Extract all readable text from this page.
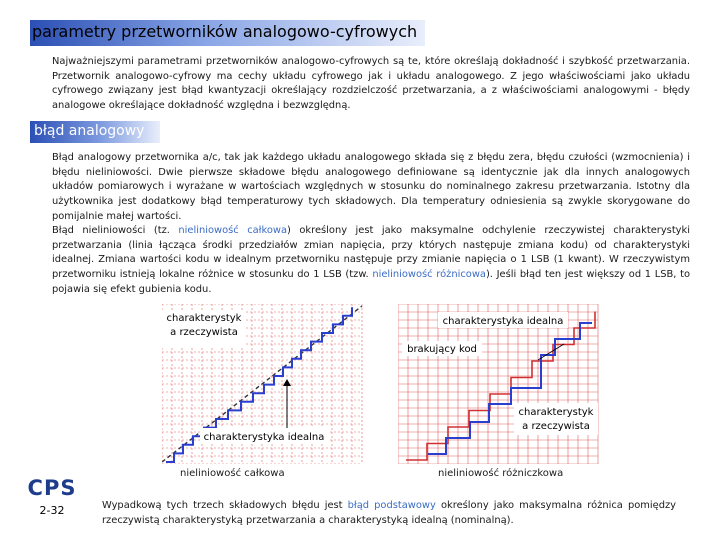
parametry przetworników analogowo-cyfrowych

Najważniejszymi parametrami przetworników analogowo-cyfrowych są te, które określają dokładność i szybkość przetwarzania. Przetwornik analogowo-cyfrowy ma cechy układu cyfrowego jak i układu analogowego. Z jego właściwościami jako układu cyfrowego związany jest błąd kwantyzacji określający rozdzielczość przetwarzania, a z właściwościami analogowymi - błędy analogowe określające dokładność względna i bezwzględną.

błąd analogowy

Błąd analogowy przetwornika a/c, tak jak każdego układu analogowego składa się z błędu zera, błędu czułości (wzmocnienia) i błędu nieliniowości. Dwie pierwsze składowe błędu analogowego definiowane są identycznie jak dla innych analogowych układów pomiarowych i wyrażane w wartościach względnych w stosunku do nominalnego zakresu przetwarzania. Istotny dla użytkownika jest dodatkowy błąd temperaturowy tych składowych. Dla temperatury odniesienia są zwykle skorygowane do pomijalnie małej wartości.

Błąd nieliniowości (tz. nieliniowość całkowa) określony jest jako maksymalne odchylenie rzeczywistej charakterystyki przetwarzania (linia łącząca środki przedziałów zmian napięcia, przy których następuje zmiana kodu) od charakterystyki idealnej. Zmiana wartości kodu w idealnym przetworniku następuje przy zmianie napięcia o 1 LSB (1 kwant). W rzeczywistym przetworniku istnieją lokalne różnice w stosunku do 1 LSB (tzw. nieliniowość różnicowa). Jeśli błąd ten jest większy od 1 LSB, to pojawia się efekt gubienia kodu.

charakterystyk
a rzeczywista
charakterystyka idealna
nieliniowość całkowa
charakterystyka idealna
brakujący kod
charakterystyk
a rzeczywista
nieliniowość różniczkowa
CPS
2-32	Wypadkową tych trzech składowych błędu jest błąd podstawowy określony jako maksymalna różnica pomiędzy rzeczywistą charakterystyką przetwarzania a charakterystyką idealną (nominalną).
